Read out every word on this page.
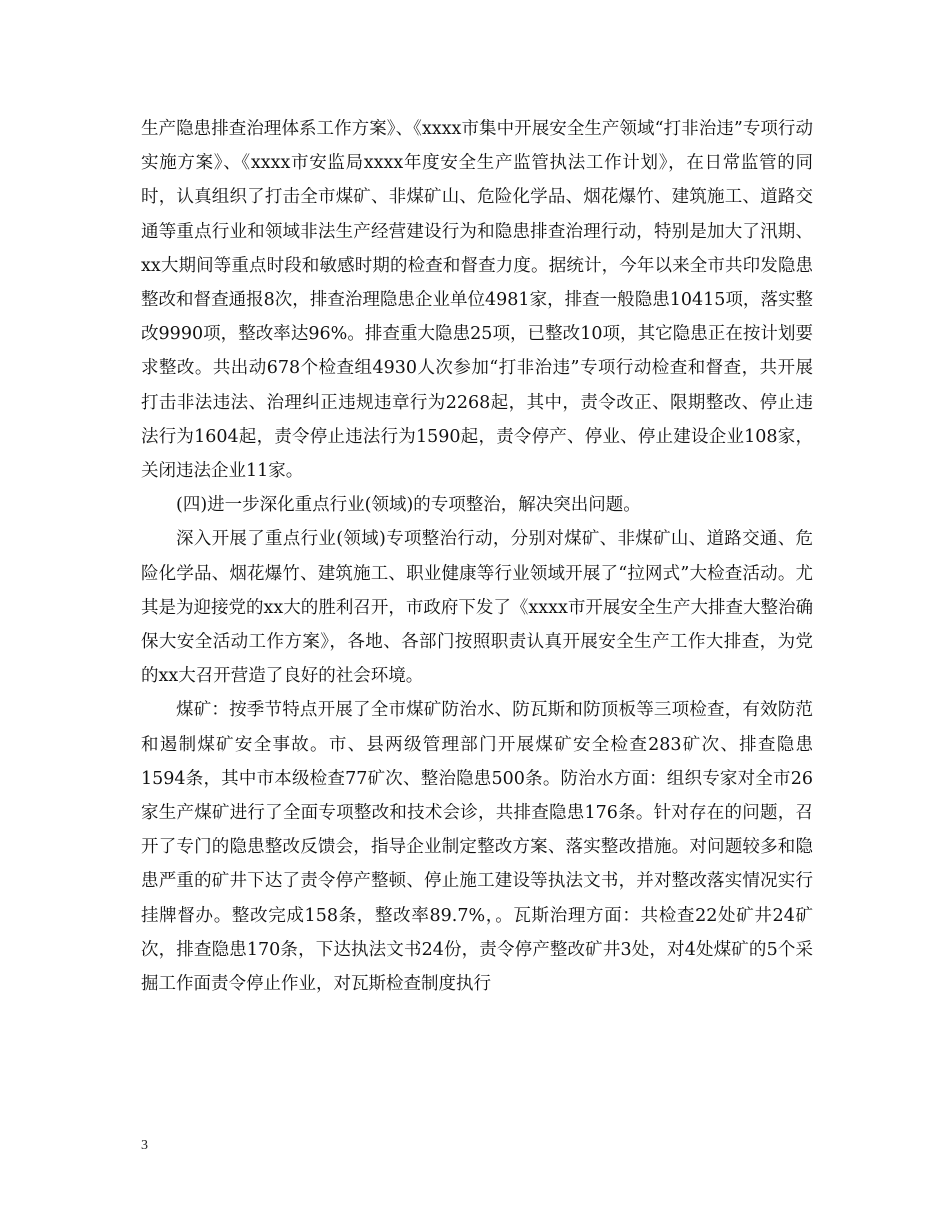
生产隐患排查治理体系工作方案》、《xxxx市集中开展安全生产领域“打非治违”专项行动实施方案》、《xxxx市安监局xxxx年度安全生产监管执法工作计划》，在日常监管的同时，认真组织了打击全市煤矿、非煤矿山、危险化学品、烟花爆竹、建筑施工、道路交通等重点行业和领域非法生产经营建设行为和隐患排查治理行动，特别是加大了汛期、xx大期间等重点时段和敏感时期的检查和督查力度。据统计，今年以来全市共印发隐患整改和督查通报8次，排查治理隐患企业单位4981家，排查一般隐患10415项，落实整改9990项，整改率达96%。排查重大隐患25项，已整改10项，其它隐患正在按计划要求整改。共出动678个检查组4930人次参加“打非治违”专项行动检查和督查，共开展打击非法违法、治理纠正违规违章行为2268起，其中，责令改正、限期整改、停止违法行为1604起，责令停止违法行为1590起，责令停产、停业、停止建设企业108家，关闭违法企业11家。

(四)进一步深化重点行业(领域)的专项整治，解决突出问题。

深入开展了重点行业(领域)专项整治行动，分别对煤矿、非煤矿山、道路交通、危险化学品、烟花爆竹、建筑施工、职业健康等行业领域开展了“拉网式”大检查活动。尤其是为迎接党的xx大的胜利召开，市政府下发了《xxxx市开展安全生产大排查大整治确保大安全活动工作方案》，各地、各部门按照职责认真开展安全生产工作大排查，为党的xx大召开营造了良好的社会环境。

煤矿：按季节特点开展了全市煤矿防治水、防瓦斯和防顶板等三项检查，有效防范和遏制煤矿安全事故。市、县两级管理部门开展煤矿安全检查283矿次、排查隐患1594条，其中市本级检查77矿次、整治隐患500条。防治水方面：组织专家对全市26家生产煤矿进行了全面专项整改和技术会诊，共排查隐患176条。针对存在的问题，召开了专门的隐患整改反馈会，指导企业制定整改方案、落实整改措施。对问题较多和隐患严重的矿井下达了责令停产整顿、停止施工建设等执法文书，并对整改落实情况实行挂牌督办。整改完成158条，整改率89.7%，。瓦斯治理方面：共检查22处矿井24矿次，排查隐患170条，下达执法文书24份，责令停产整改矿井3处，对4处煤矿的5个采掘工作面责令停止作业，对瓦斯检查制度执行

3
